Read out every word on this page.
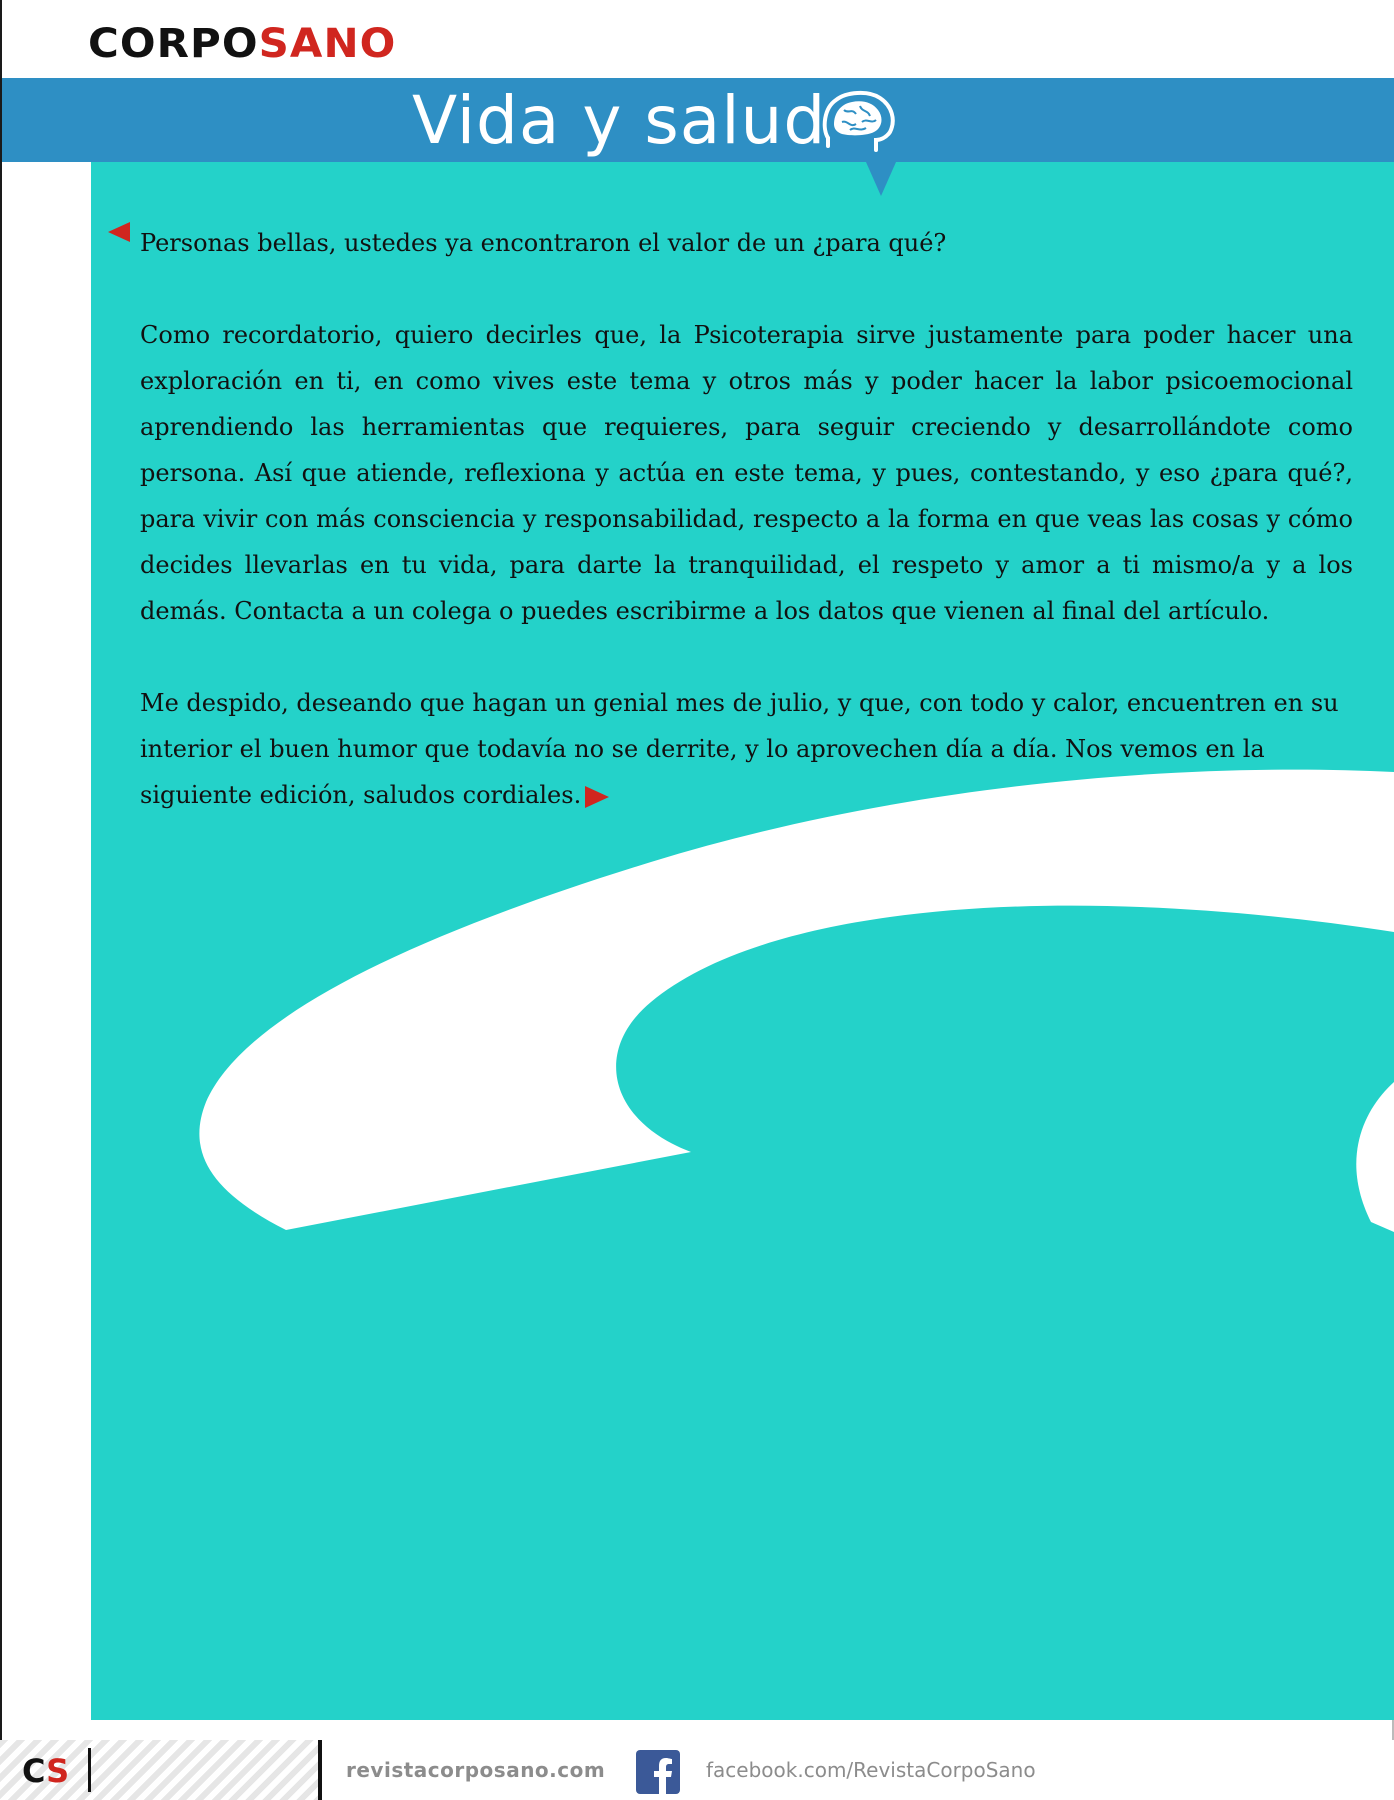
CORPOSANO
Vida y salud

Personas bellas, ustedes ya encontraron el valor de un ¿para qué?

Como recordatorio, quiero decirles que, la Psicoterapia sirve justamente para poder hacer una exploración en ti, en como vives este tema y otros más y poder hacer la labor psicoemocional aprendiendo las herramientas que requieres, para seguir creciendo y desarrollándote como persona. Así que atiende, reflexiona y actúa en este tema, y pues, contestando, y eso ¿para qué?, para vivir con más consciencia y responsabilidad, respecto a la forma en que veas las cosas y cómo decides llevarlas en tu vida, para darte la tranquilidad, el respeto y amor a ti mismo/a y a los demás. Contacta a un colega o puedes escribirme a los datos que vienen al final del artículo.

Me despido, deseando que hagan un genial mes de julio, y que, con todo y calor, encuentren en su interior el buen humor que todavía no se derrite, y lo aprovechen día a día. Nos vemos en la siguiente edición, saludos cordiales.

CS	revistacorposano.com	facebook.com/RevistaCorpoSano
